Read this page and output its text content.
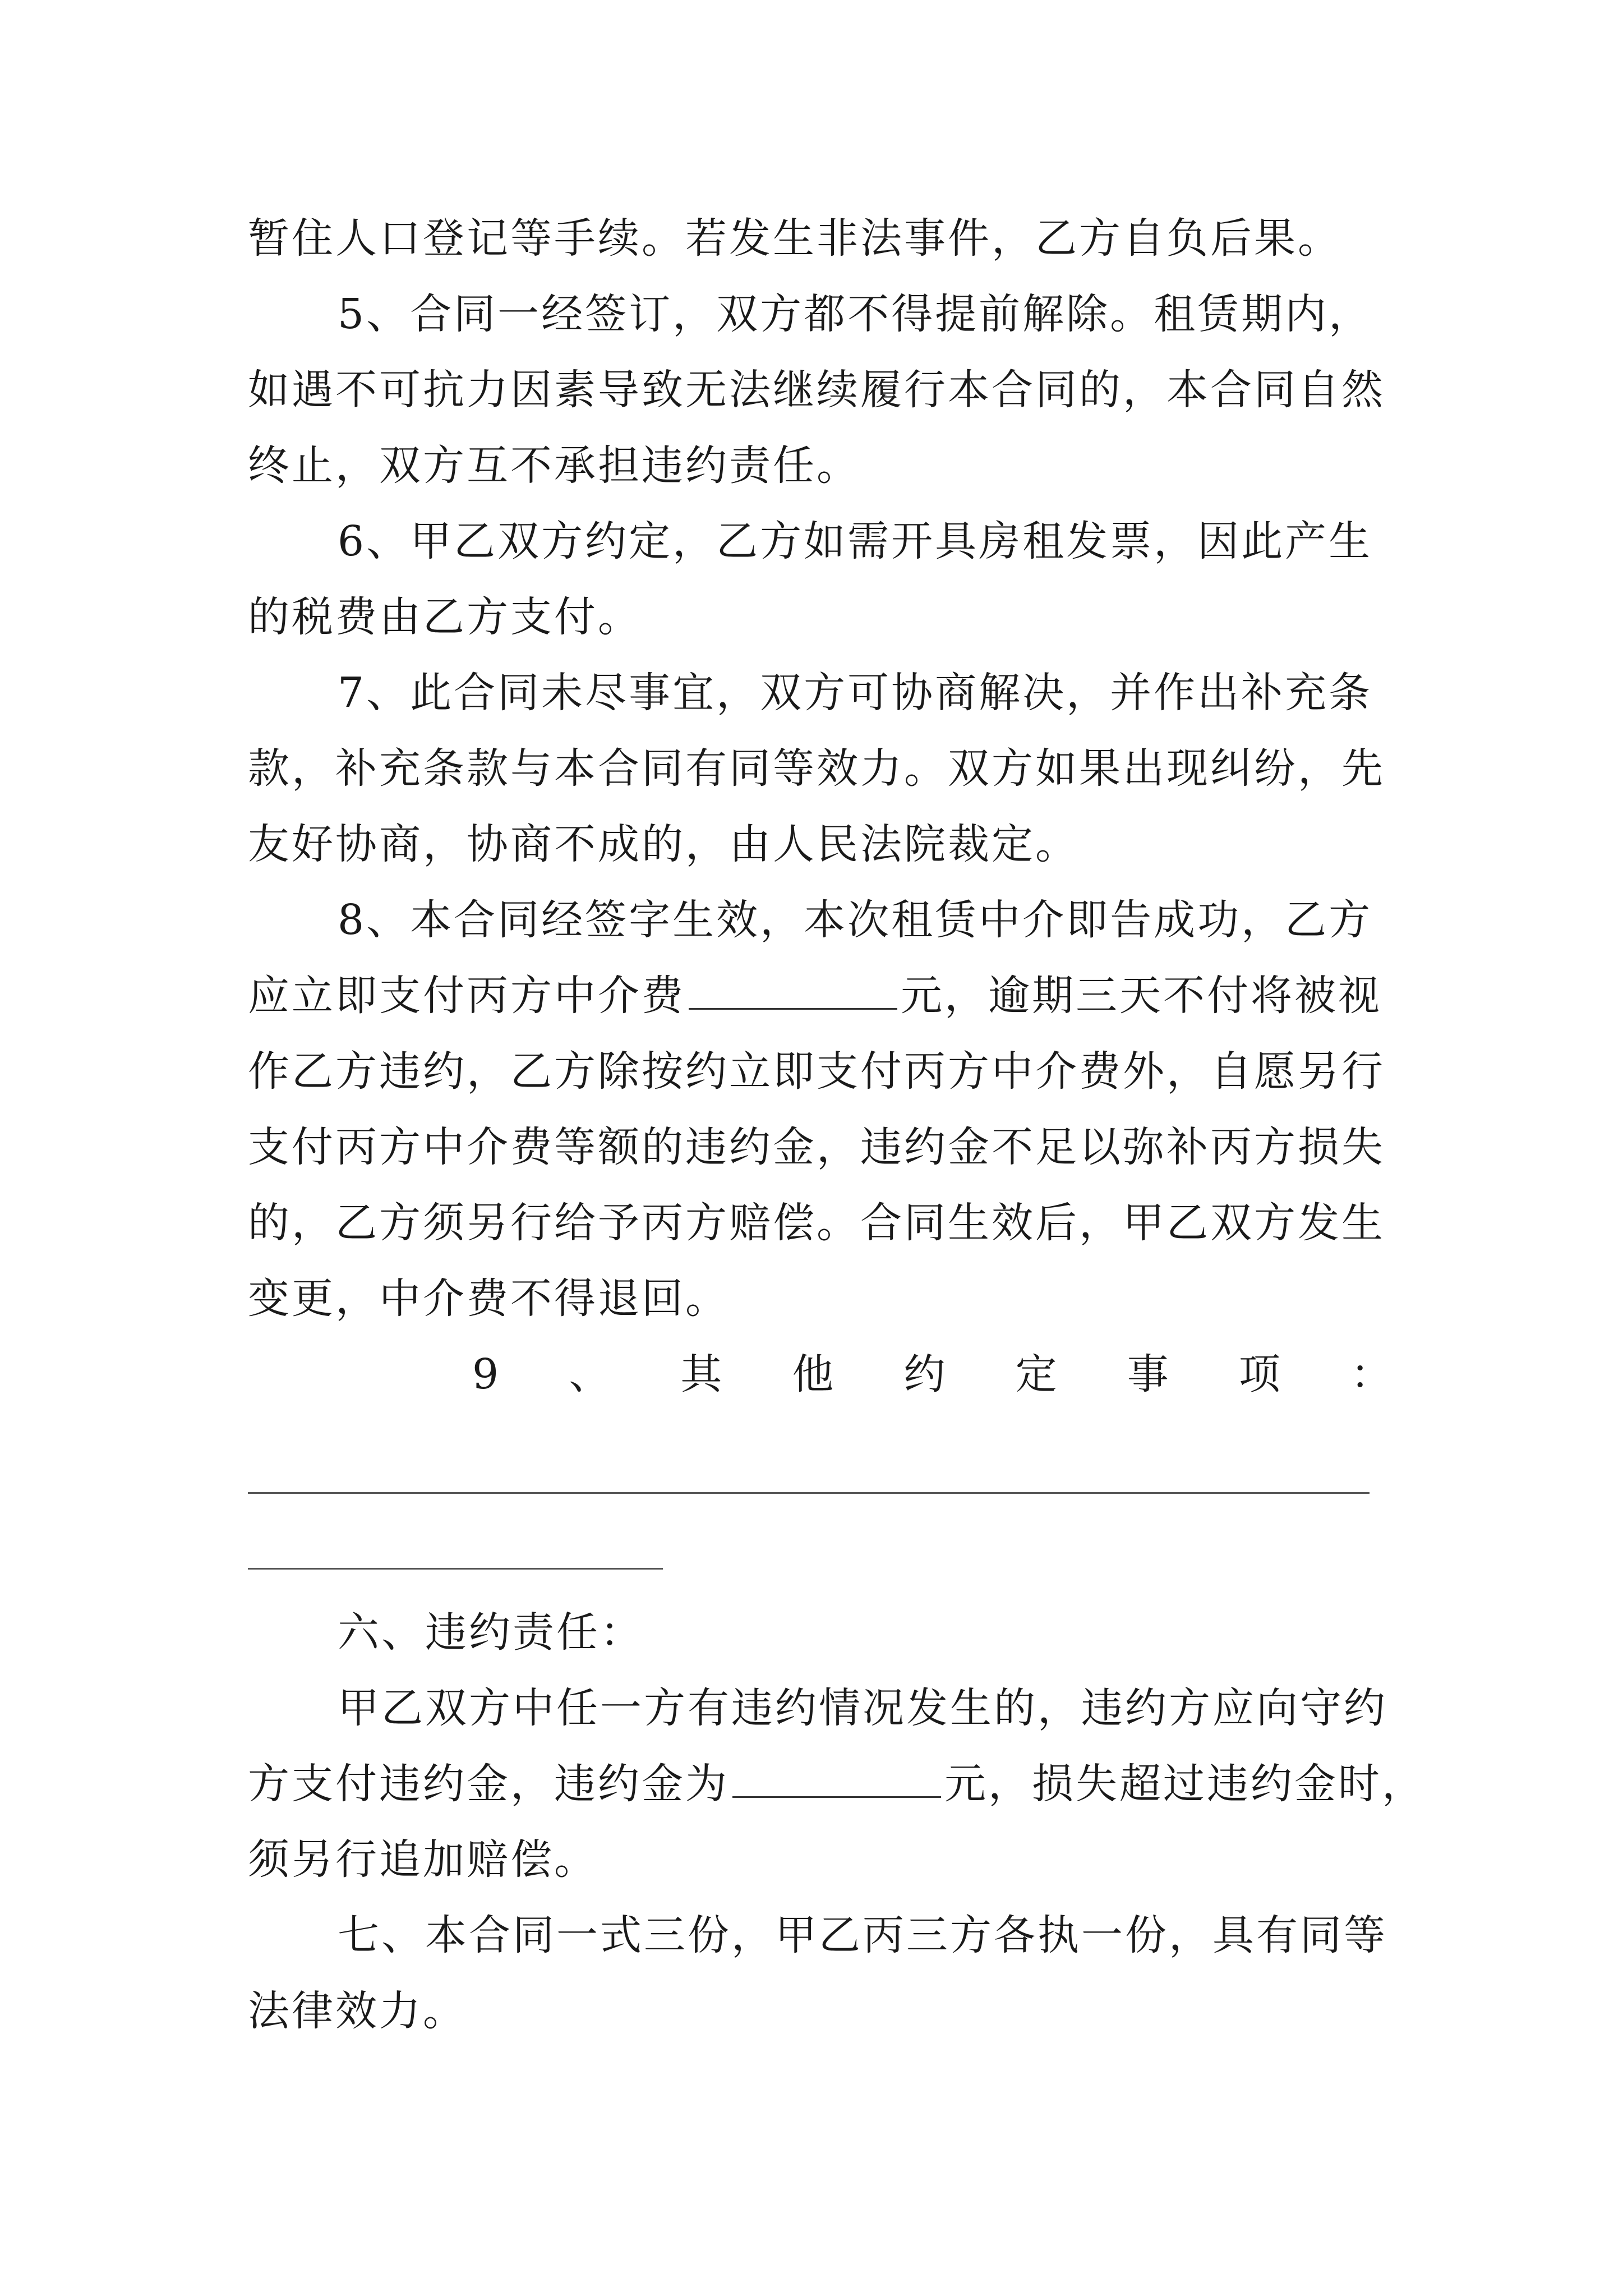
暂住人口登记等手续。若发生非法事件，乙方自负后果。
5、合同一经签订，双方都不得提前解除。租赁期内，
如遇不可抗力因素导致无法继续履行本合同的，本合同自然
终止，双方互不承担违约责任。
6、甲乙双方约定，乙方如需开具房租发票，因此产生
的税费由乙方支付。
7、此合同未尽事宜，双方可协商解决，并作出补充条
款，补充条款与本合同有同等效力。双方如果出现纠纷，先
友好协商，协商不成的，由人民法院裁定。
8、本合同经签字生效，本次租赁中介即告成功，乙方
应立即支付丙方中介费	元，逾期三天不付将被视
作乙方违约，乙方除按约立即支付丙方中介费外，自愿另行
支付丙方中介费等额的违约金，违约金不足以弥补丙方损失
的，乙方须另行给予丙方赔偿。合同生效后，甲乙双方发生
变更，中介费不得退回。
9 、 其 他 约 定 事 项 ：
六、违约责任：
甲乙双方中任一方有违约情况发生的，违约方应向守约
方支付违约金，违约金为	元，损失超过违约金时，
须另行追加赔偿。
七、本合同一式三份，甲乙丙三方各执一份，具有同等
法律效力。
